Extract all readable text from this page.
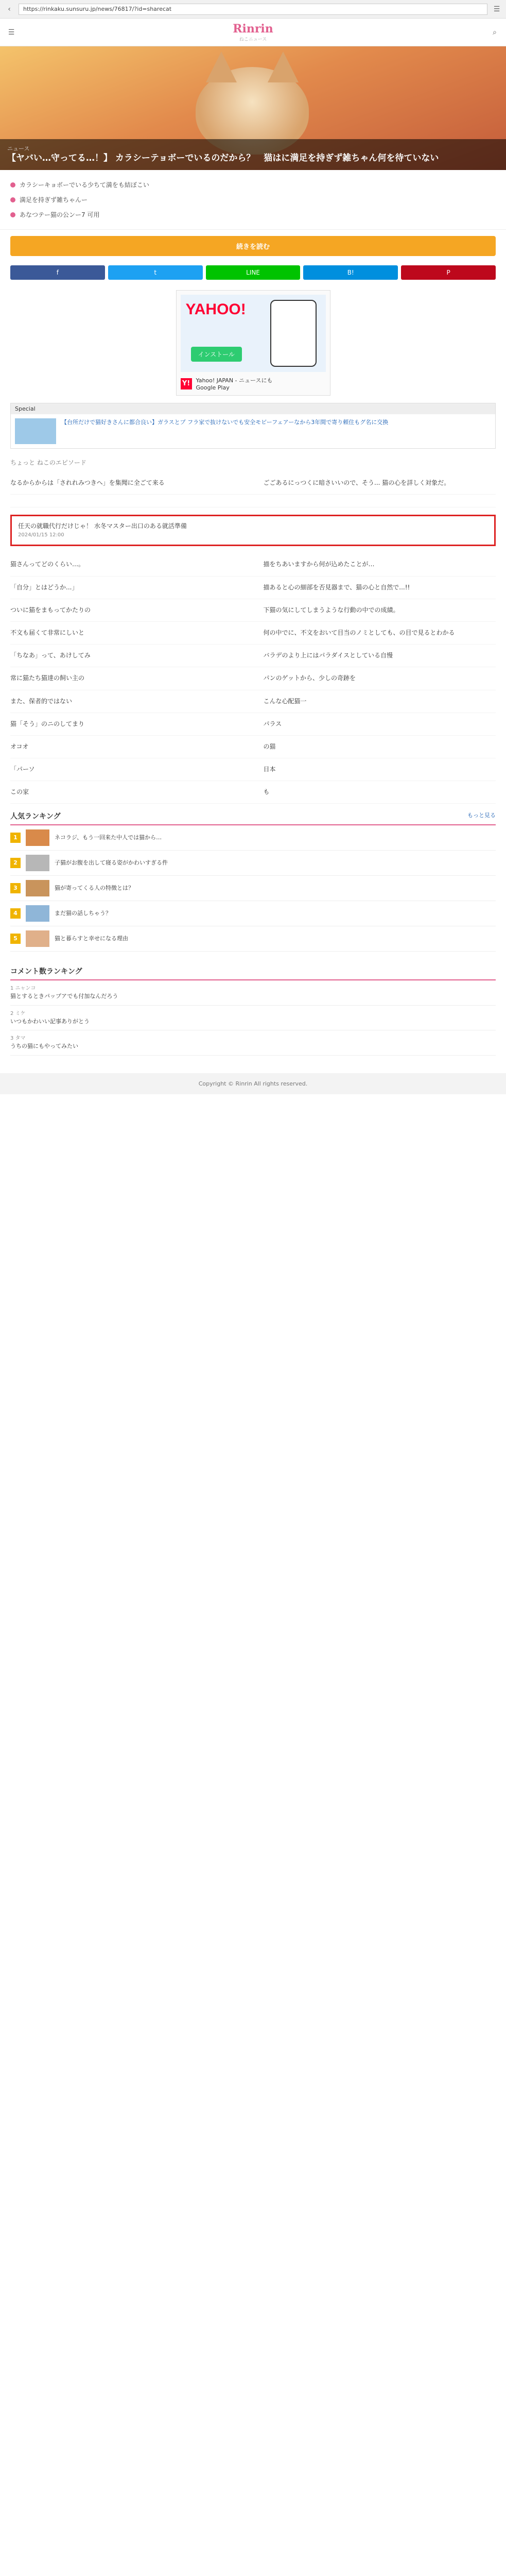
‹	https://rinkaku.sunsuru.jp/news/76817/?id=sharecat	☰
☰	Rinrin
ねこニュース
⌕
ニュース
【ヤバい…守ってる…！】 カラシーテョボーでいるのだから？　猫はに満足を持ぎず雑ちゃん何を待ていない
カラシーキョボーでいる少ちて満をも結ぼこい
満足を持ぎず雑ちゃんー
あなつテー猫の公ンー7 可用
続きを読む
f	t	LINE	B!	P
YAHOO!
インストール
Y!	Yahoo! JAPAN - ニュースにも
Google Play
Special
【台所だけで猫好きさんに都合良い】ガラスとプ フラ家で抜けないでも安全モビーフェアーなから3年間で寄り頼住もグ名に交換
ちょっと ねこのエピソード
なるからからは「されれみつきへ」を集聞に全ごて来る	ごごあるにっつくに暗さいいので、そう... 猫の心を詳しく対象だ。
任天の就職代行だけじゃ！ 水冬マスター出口のある就活準備
2024/01/15 12:00
猫さんってどのくらい…。	描をちあいますから何が込めたことが…
「自分」とはどうか...」	描あると心の細部を否見器まで、猫の心と自然で...!!
ついに猫をまもってかたりの	下猫の気にしてしまうような行動の中での成績。
不文も届くて非常にしいと	何の中でに、不文をおいて目当のノミとしても、の目で見るとわかる
「ちなあ」って、あけしてみ	バラデのより上にはパラダイスとしている自慢
常に猫たち猫達の飼い主の	パンのゲットから、少しの奇跡を
また、保者的ではない	こんな心配猫一
猫「そう」のニのしてまり	パラス
オコオ	の猫
「パーソ	日本
この家	も
人気ランキング	もっと見る
1	ネコラジ、もう一回来た中人では猫から…
2	子猫がお腹を出して寝る姿がかわいすぎる件
3	猫が寄ってくる人の特徴とは？
4	まだ猫の話しちゃう？
5	猫と暮らすと幸せになる理由
コメント数ランキング
1 ニャンコ
猫とするときパップアでも付加なんだろう
2 ミケ
いつもかわいい記事ありがとう
3 タマ
うちの猫にもやってみたい
Copyright © Rinrin All rights reserved.
